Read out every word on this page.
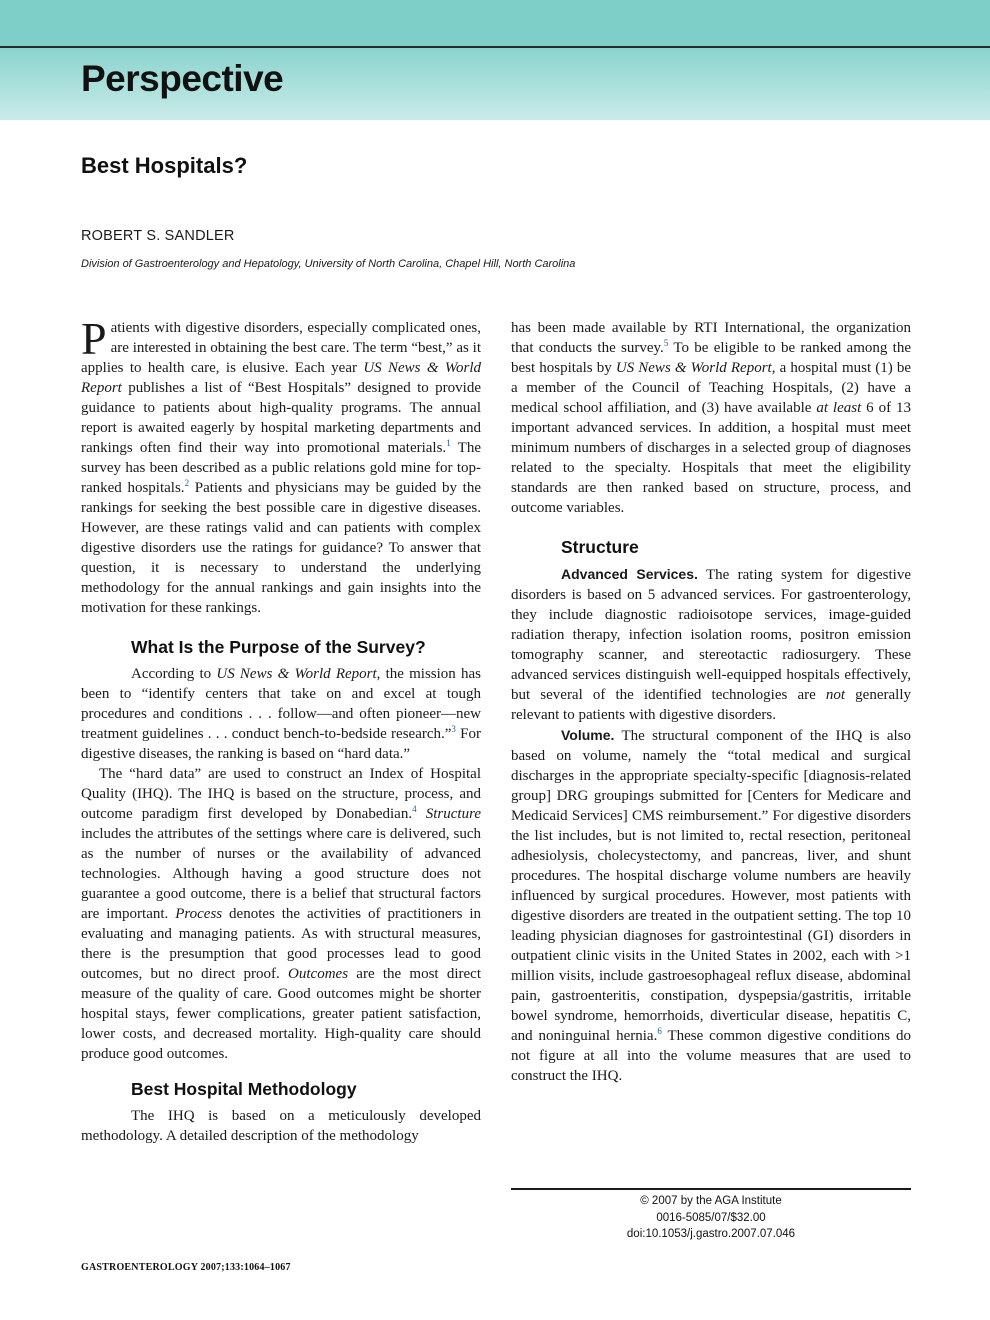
Perspective
Best Hospitals?
ROBERT S. SANDLER
Division of Gastroenterology and Hepatology, University of North Carolina, Chapel Hill, North Carolina

Patients with digestive disorders, especially complicated ones, are interested in obtaining the best care. The term “best,” as it applies to health care, is elusive. Each year US News & World Report publishes a list of “Best Hospitals” designed to provide guidance to patients about high-quality programs. The annual report is awaited eagerly by hospital marketing departments and rankings often find their way into promotional materials.$^1$ The survey has been described as a public relations gold mine for top-ranked hospitals.$^2$ Patients and physicians may be guided by the rankings for seeking the best possible care in digestive diseases. However, are these ratings valid and can patients with complex digestive disorders use the ratings for guidance? To answer that question, it is necessary to understand the underlying methodology for the annual rankings and gain insights into the motivation for these rankings.

What Is the Purpose of the Survey?

According to US News & World Report, the mission has been to “identify centers that take on and excel at tough procedures and conditions . . . follow—and often pioneer—new treatment guidelines . . . conduct bench-to-bedside research.”$^3$ For digestive diseases, the ranking is based on “hard data.”

The “hard data” are used to construct an Index of Hospital Quality (IHQ). The IHQ is based on the structure, process, and outcome paradigm first developed by Donabedian.$^4$ Structure includes the attributes of the settings where care is delivered, such as the number of nurses or the availability of advanced technologies. Although having a good structure does not guarantee a good outcome, there is a belief that structural factors are important. Process denotes the activities of practitioners in evaluating and managing patients. As with structural measures, there is the presumption that good processes lead to good outcomes, but no direct proof. Outcomes are the most direct measure of the quality of care. Good outcomes might be shorter hospital stays, fewer complications, greater patient satisfaction, lower costs, and decreased mortality. High-quality care should produce good outcomes.

Best Hospital Methodology

The IHQ is based on a meticulously developed methodology. A detailed description of the methodology

has been made available by RTI International, the organization that conducts the survey.$^5$ To be eligible to be ranked among the best hospitals by US News & World Report, a hospital must (1) be a member of the Council of Teaching Hospitals, (2) have a medical school affiliation, and (3) have available at least 6 of 13 important advanced services. In addition, a hospital must meet minimum numbers of discharges in a selected group of diagnoses related to the specialty. Hospitals that meet the eligibility standards are then ranked based on structure, process, and outcome variables.

Structure

Advanced Services. The rating system for digestive disorders is based on 5 advanced services. For gastroenterology, they include diagnostic radioisotope services, image-guided radiation therapy, infection isolation rooms, positron emission tomography scanner, and stereotactic radiosurgery. These advanced services distinguish well-equipped hospitals effectively, but several of the identified technologies are not generally relevant to patients with digestive disorders.

Volume. The structural component of the IHQ is also based on volume, namely the “total medical and surgical discharges in the appropriate specialty-specific [diagnosis-related group] DRG groupings submitted for [Centers for Medicare and Medicaid Services] CMS reimbursement.” For digestive disorders the list includes, but is not limited to, rectal resection, peritoneal adhesiolysis, cholecystectomy, and pancreas, liver, and shunt procedures. The hospital discharge volume numbers are heavily influenced by surgical procedures. However, most patients with digestive disorders are treated in the outpatient setting. The top 10 leading physician diagnoses for gastrointestinal (GI) disorders in outpatient clinic visits in the United States in 2002, each with >1 million visits, include gastroesophageal reflux disease, abdominal pain, gastroenteritis, constipation, dyspepsia/gastritis, irritable bowel syndrome, hemorrhoids, diverticular disease, hepatitis C, and noninguinal hernia.$^6$ These common digestive conditions do not figure at all into the volume measures that are used to construct the IHQ.

© 2007 by the AGA Institute
0016-5085/07/$32.00
doi:10.1053/j.gastro.2007.07.046
GASTROENTEROLOGY 2007;133:1064–1067
